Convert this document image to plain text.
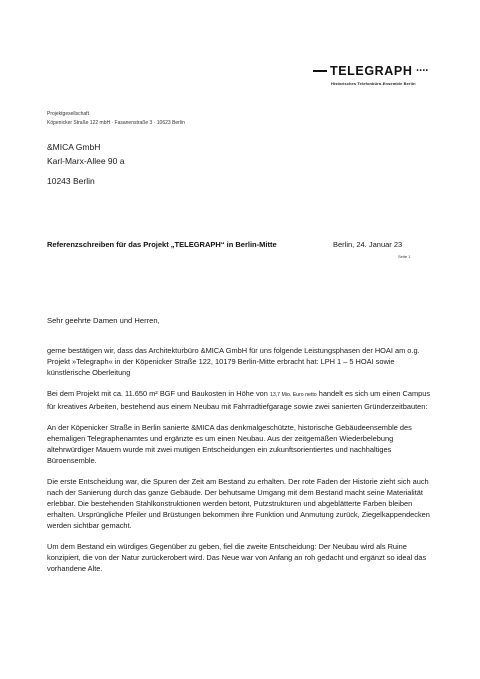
TELEGRAPH ••••
Historisches Telefonbüro-Ensemble Berlin
Projektgesellschaft
Köpenicker Straße 122 mbH · Fasanenstraße 3 · 10623 Berlin
&MICA GmbH
Karl-Marx-Allee 90 a
10243 Berlin
Referenzschreiben für das Projekt „TELEGRAPH“ in Berlin-Mitte	Berlin, 24. Januar 23
Seite 1
Sehr geehrte Damen und Herren,

gerne bestätigen wir, dass das Architekturbüro &MICA GmbH für uns folgende Leistungsphasen der HOAI am o.g. Projekt »Telegraph« in der Köpenicker Straße 122, 10179 Berlin-Mitte erbracht hat: LPH 1 – 5 HOAI sowie künstlerische Oberleitung

Bei dem Projekt mit ca. 11.650 m² BGF und Baukosten in Höhe von 13,7 Mio. Euro netto handelt es sich um einen Campus für kreatives Arbeiten, bestehend aus einem Neubau mit Fahrradtiefgarage sowie zwei sanierten Gründerzeitbauten:

An der Köpenicker Straße in Berlin sanierte &MICA das denkmalgeschützte, historische Gebäudeensemble des ehemaligen Telegraphenamtes und ergänzte es um einen Neubau. Aus der zeitgemäßen Wiederbelebung altehrwürdiger Mauern wurde mit zwei mutigen Entscheidungen ein zukunftsorientiertes und nachhaltiges Büroensemble.

Die erste Entscheidung war, die Spuren der Zeit am Bestand zu erhalten. Der rote Faden der Historie zieht sich auch nach der Sanierung durch das ganze Gebäude. Der behutsame Umgang mit dem Bestand macht seine Materialität erlebbar. Die bestehenden Stahlkonstruktionen werden betont, Putzstrukturen und abgeblätterte Farben bleiben erhalten. Ursprüngliche Pfeiler und Brüstungen bekommen ihre Funktion und Anmutung zurück, Ziegelkappendecken werden sichtbar gemacht.

Um dem Bestand ein würdiges Gegenüber zu geben, fiel die zweite Entscheidung: Der Neubau wird als Ruine konzipiert, die von der Natur zurückerobert wird. Das Neue war von Anfang an roh gedacht und ergänzt so ideal das vorhandene Alte.
